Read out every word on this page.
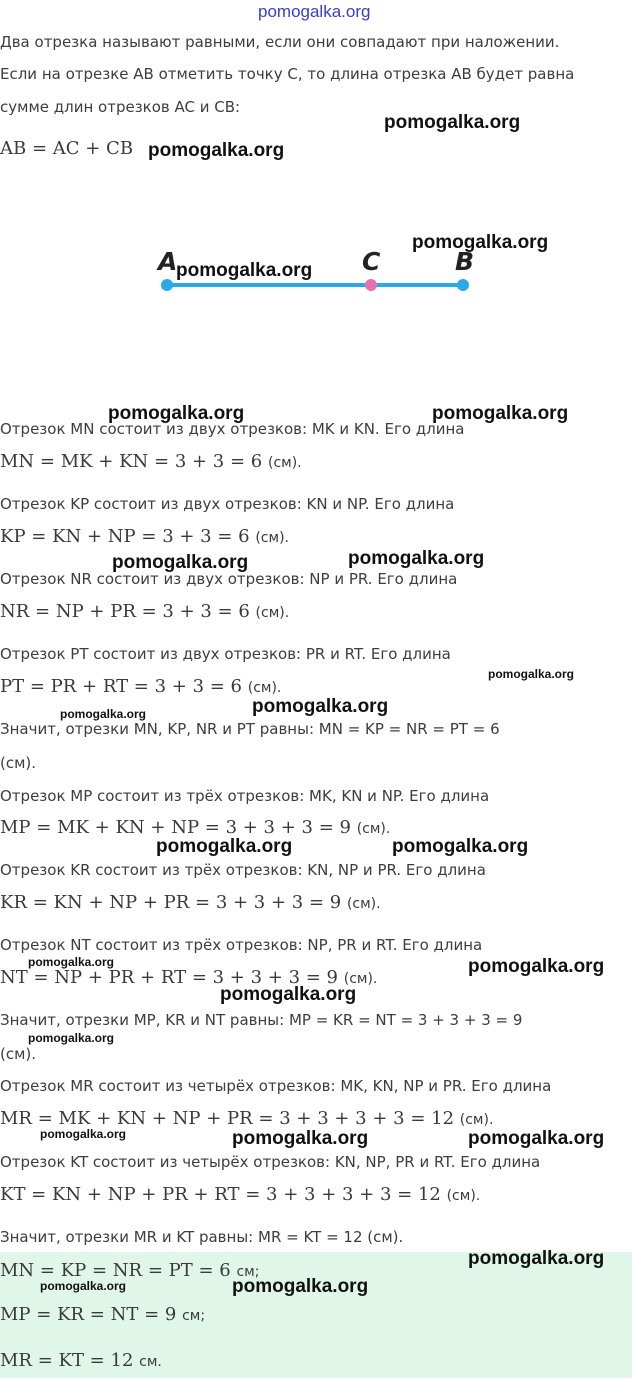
pomogalka.org
Два отрезка называют равными, если они совпадают при наложении.
Если на отрезке AB отметить точку C, то длина отрезка AB будет равна
сумме длин отрезков AC и CB:
AB = AC + CB
A	C	B
Отрезок MN состоит из двух отрезков: MK и KN. Его длина
MN = MK + KN = 3 + 3 = 6 (см).
Отрезок KP состоит из двух отрезков: KN и NP. Его длина
KP = KN + NP = 3 + 3 = 6 (см).
Отрезок NR состоит из двух отрезков: NP и PR. Его длина
NR = NP + PR = 3 + 3 = 6 (см).
Отрезок PT состоит из двух отрезков: PR и RT. Его длина
PT = PR + RT = 3 + 3 = 6 (см).
Значит, отрезки MN, KP, NR и PT равны: MN = KP = NR = PT = 6
(см).
Отрезок MP состоит из трёх отрезков: MK, KN и NP. Его длина
MP = MK + KN + NP = 3 + 3 + 3 = 9 (см).
Отрезок KR состоит из трёх отрезков: KN, NP и PR. Его длина
KR = KN + NP + PR = 3 + 3 + 3 = 9 (см).
Отрезок NT состоит из трёх отрезков: NP, PR и RT. Его длина
NT = NP + PR + RT = 3 + 3 + 3 = 9 (см).
Значит, отрезки MP, KR и NT равны: MP = KR = NT = 3 + 3 + 3 = 9
(см).
Отрезок MR состоит из четырёх отрезков: MK, KN, NP и PR. Его длина
MR = MK + KN + NP + PR = 3 + 3 + 3 + 3 = 12 (см).
Отрезок KT состоит из четырёх отрезков: KN, NP, PR и RT. Его длина
KT = KN + NP + PR + RT = 3 + 3 + 3 + 3 = 12 (см).
Значит, отрезки MR и KT равны: MR = KT = 12 (см).
MN = KP = NR = PT = 6 см;
MP = KR = NT = 9 см;
MR = KT = 12 см.
pomogalka.org
pomogalka.org
pomogalka.org
pomogalka.org
pomogalka.org	pomogalka.org
pomogalka.org	pomogalka.org
pomogalka.org
pomogalka.org
pomogalka.org
pomogalka.org	pomogalka.org
pomogalka.org	pomogalka.org
pomogalka.org
pomogalka.org
pomogalka.org	pomogalka.org	pomogalka.org
pomogalka.org
pomogalka.org	pomogalka.org
